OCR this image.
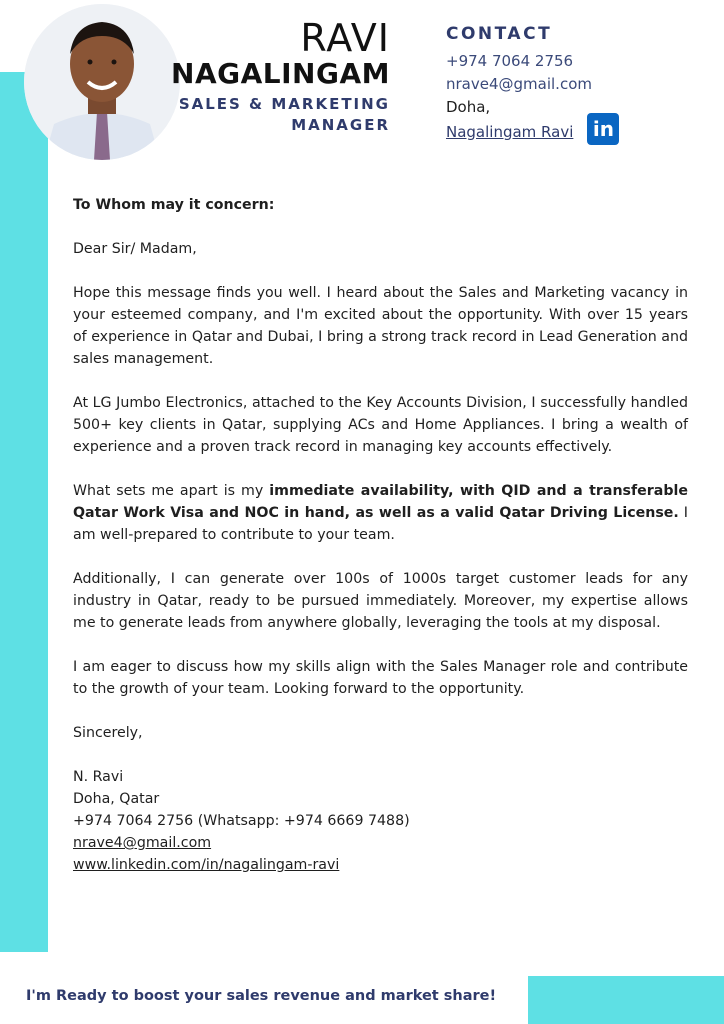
RAVI
NAGALINGAM
SALES & MARKETING
MANAGER
CONTACT
+974 7064 2756
nrave4@gmail.com
Doha,
Nagalingam Ravi in

To Whom may it concern:

Dear Sir/ Madam,

Hope this message finds you well. I heard about the Sales and Marketing vacancy in your esteemed company, and I'm excited about the opportunity. With over 15 years of experience in Qatar and Dubai, I bring a strong track record in Lead Generation and sales management.

At LG Jumbo Electronics, attached to the Key Accounts Division, I successfully handled 500+ key clients in Qatar, supplying ACs and Home Appliances. I bring a wealth of experience and a proven track record in managing key accounts effectively.

What sets me apart is my immediate availability, with QID and a transferable Qatar Work Visa and NOC in hand, as well as a valid Qatar Driving License. I am well-prepared to contribute to your team.

Additionally, I can generate over 100s of 1000s target customer leads for any industry in Qatar, ready to be pursued immediately. Moreover, my expertise allows me to generate leads from anywhere globally, leveraging the tools at my disposal.

I am eager to discuss how my skills align with the Sales Manager role and contribute to the growth of your team. Looking forward to the opportunity.

Sincerely,

N. Ravi
Doha, Qatar
+974 7064 2756 (Whatsapp: +974 6669 7488)
nrave4@gmail.com
www.linkedin.com/in/nagalingam-ravi

I'm Ready to boost your sales revenue and market share!
